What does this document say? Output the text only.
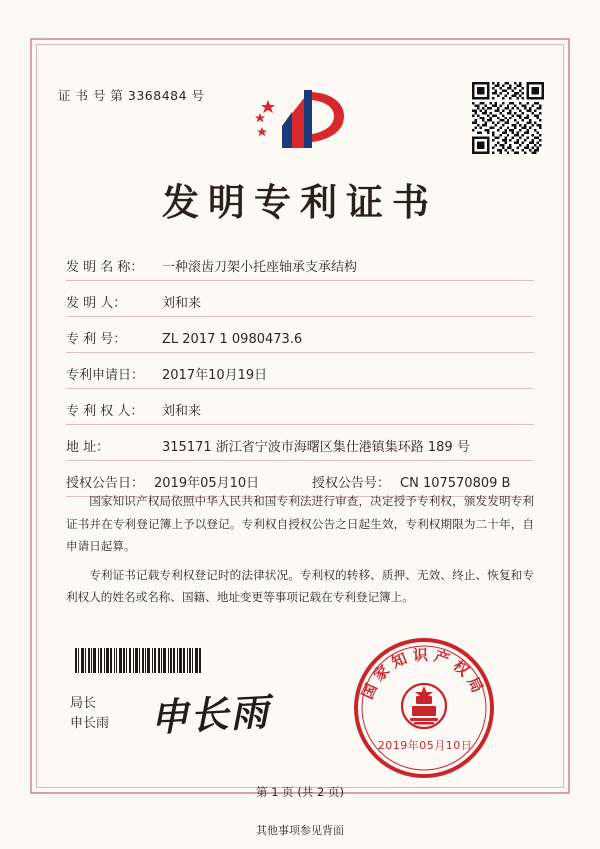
证 书 号 第 3368484 号
发明专利证书
发 明 名 称：	一种滚齿刀架小托座轴承支承结构
发 明 人：	刘和来
专 利 号：	ZL 2017 1 0980473.6
专利申请日：	2017年10月19日
专 利 权 人：	刘和来
地 址：	315171 浙江省宁波市海曙区集仕港镇集环路 189 号
授权公告日： 2019年05月10日	授权公告号： CN 107570809 B

国家知识产权局依照中华人民共和国专利法进行审查，决定授予专利权，颁发发明专利证书并在专利登记簿上予以登记。专利权自授权公告之日起生效，专利权期限为二十年，自申请日起算。

专利证书记载专利权登记时的法律状况。专利权的转移、质押、无效、终止、恢复和专利权人的姓名或名称、国籍、地址变更等事项记载在专利登记簿上。

局长
申长雨 申长雨	国家知识产权局
2019年05月10日
第 1 页 (共 2 页)
其他事项参见背面
